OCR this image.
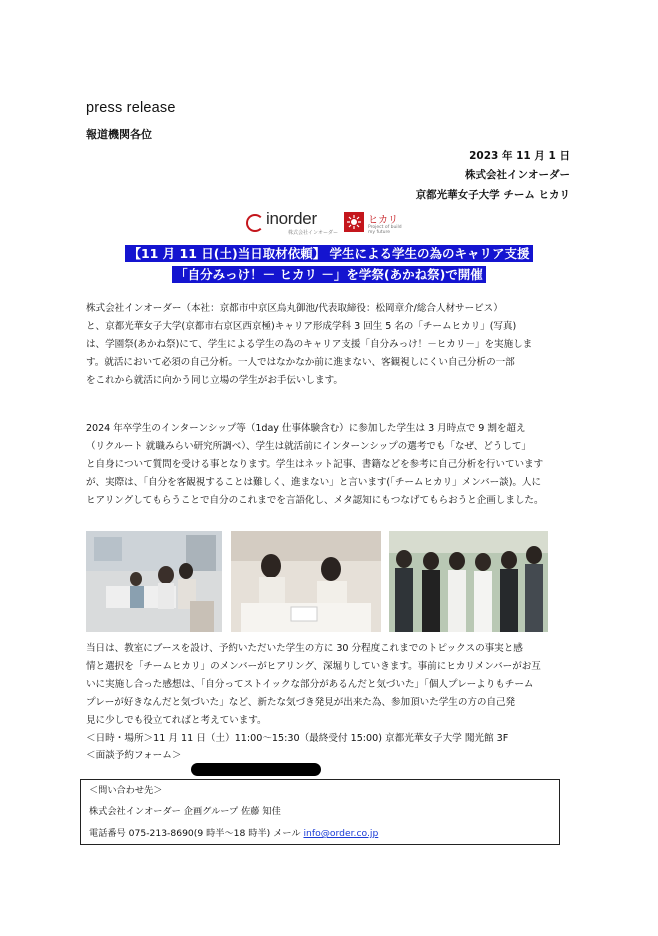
press release
報道機関各位
2023 年 11 月 1 日
株式会社インオーダー
京都光華女子大学 チーム ヒカリ
inorder
株式会社インオーダー
ヒカリ
Project of build my future
【11 月 11 日(土)当日取材依頼】 学生による学生の為のキャリア支援
「自分みっけ！－ ヒカリ －」を学祭(あかね祭)で開催
株式会社インオーダー（本社：京都市中京区烏丸御池/代表取締役：松岡章介/総合人材サービス）
と、京都光華女子大学(京都市右京区西京極)キャリア形成学科 3 回生 5 名の「チームヒカリ」(写真)
は、学園祭(あかね祭)にて、学生による学生の為のキャリア支援「自分みっけ！－ヒカリ－」を実施しま
す。就活において必須の自己分析。一人ではなかなか前に進まない、客観視しにくい自己分析の一部
をこれから就活に向かう同じ立場の学生がお手伝いします。
2024 年卒学生のインターンシップ等（1day 仕事体験含む）に参加した学生は 3 月時点で 9 割を超え
（リクルート 就職みらい研究所調べ）、学生は就活前にインターンシップの選考でも「なぜ、どうして」
と自身について質問を受ける事となります。学生はネット記事、書籍などを参考に自己分析を行いています
が、実際は、「自分を客観視することは難しく、進まない」と言います(「チームヒカリ」メンバー談)。人に
ヒアリングしてもらうことで自分のこれまでを言語化し、メタ認知にもつなげてもらおうと企画しました。
当日は、教室にブースを設け、予約いただいた学生の方に 30 分程度これまでのトピックスの事実と感
情と選択を「チームヒカリ」のメンバーがヒアリング、深堀りしていきます。事前にヒカリメンバーがお互
いに実施し合った感想は、「自分ってストイックな部分があるんだと気づいた」「個人プレーよりもチーム
プレーが好きなんだと気づいた」など、新たな気づき発見が出来た為、参加頂いた学生の方の自己発
見に少しでも役立てればと考えています。
＜日時・場所＞11 月 11 日（土）11:00～15:30（最終受付 15:00) 京都光華女子大学 聞光館 3F
＜面談予約フォーム＞
＜問い合わせ先＞
株式会社インオーダー 企画グループ 佐藤 知佳
電話番号 075-213-8690(9 時半～18 時半) メール info@order.co.jp
